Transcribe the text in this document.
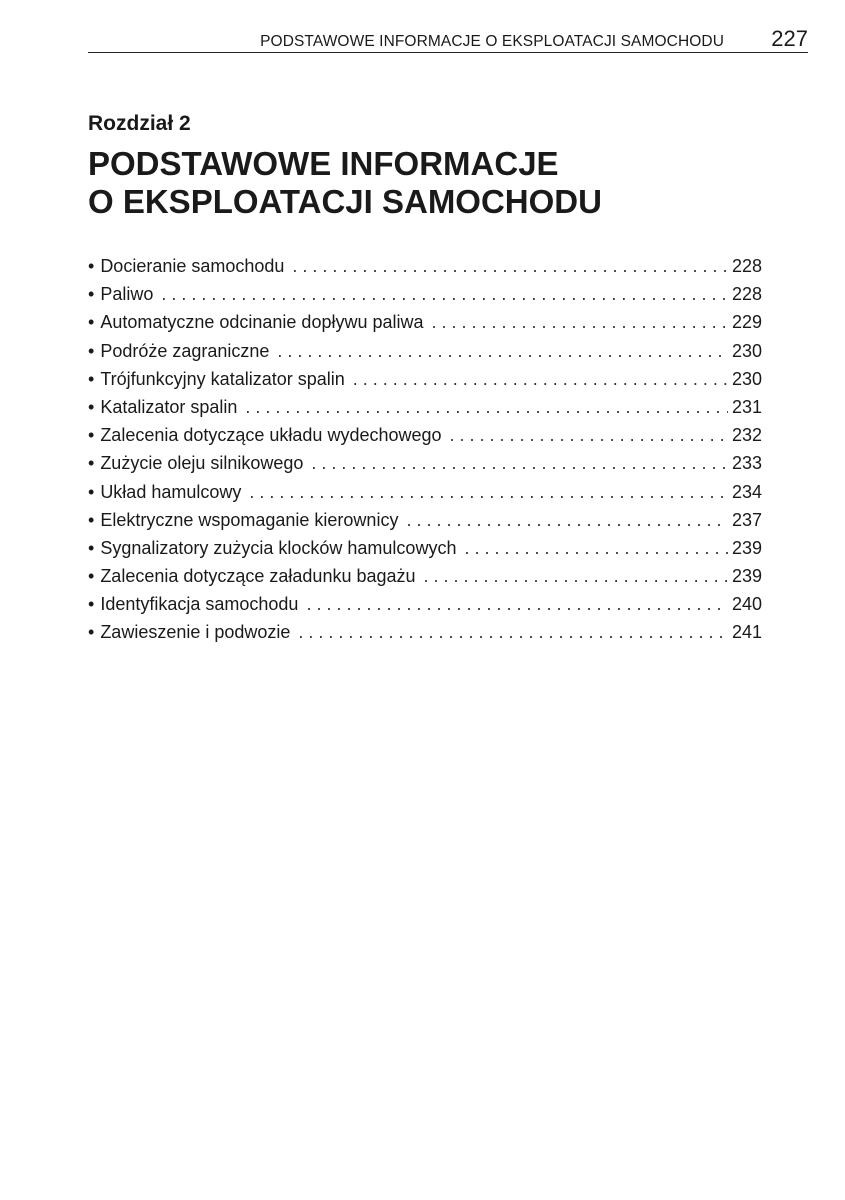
PODSTAWOWE INFORMACJE O EKSPLOATACJI SAMOCHODU 227
Rozdział 2
PODSTAWOWE INFORMACJE
O EKSPLOATACJI SAMOCHODU
• Docieranie samochodu . . .	228
• Paliwo . . .	228
• Automatyczne odcinanie dopływu paliwa . . .	229
• Podróże zagraniczne . . .	230
• Trójfunkcyjny katalizator spalin . . .	230
• Katalizator spalin . . .	231
• Zalecenia dotyczące układu wydechowego . . .	232
• Zużycie oleju silnikowego . . .	233
• Układ hamulcowy . . .	234
• Elektryczne wspomaganie kierownicy . . .	237
• Sygnalizatory zużycia klocków hamulcowych . . .	239
• Zalecenia dotyczące załadunku bagażu . . .	239
• Identyfikacja samochodu . . .	240
• Zawieszenie i podwozie . . .	241
